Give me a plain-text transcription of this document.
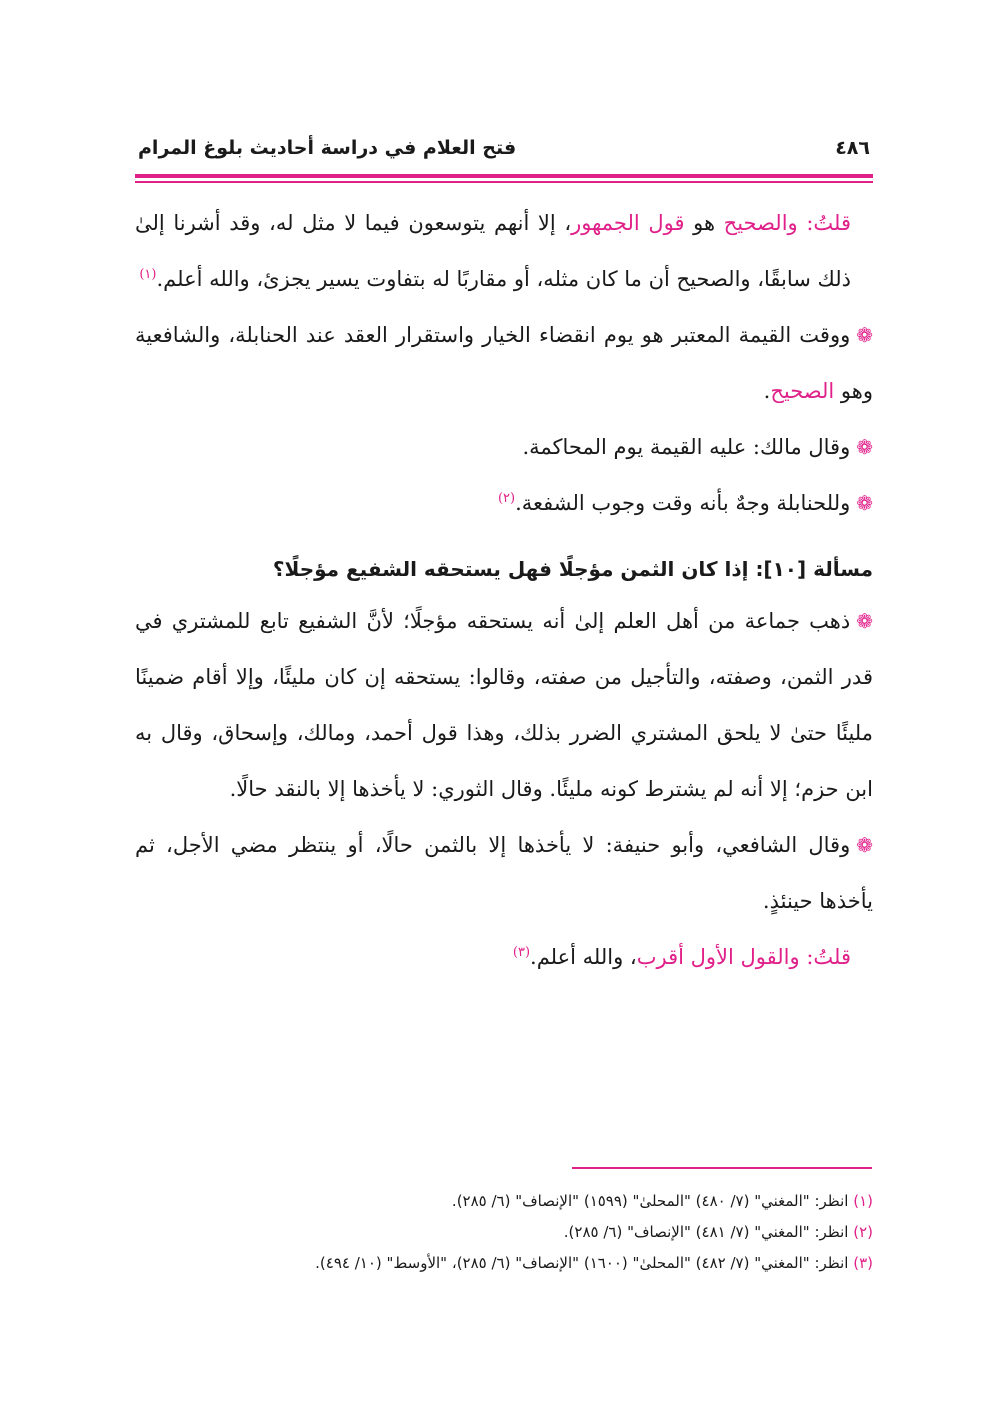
٤٨٦
فتح العلام في دراسة أحاديث بلوغ المرام

قلتُ: والصحيح هو قول الجمهور، إلا أنهم يتوسعون فيما لا مثل له، وقد أشرنا إلىٰ ذلك سابقًا، والصحيح أن ما كان مثله، أو مقاربًا له بتفاوت يسير يجزئ، والله أعلم.$^{(١)}$

❁ووقت القيمة المعتبر هو يوم انقضاء الخيار واستقرار العقد عند الحنابلة، والشافعية وهو الصحيح.

❁وقال مالك: عليه القيمة يوم المحاكمة.

❁وللحنابلة وجهٌ بأنه وقت وجوب الشفعة.$^{(٢)}$

مسألة [١٠]: إذا كان الثمن مؤجلًا فهل يستحقه الشفيع مؤجلًا؟

❁ذهب جماعة من أهل العلم إلىٰ أنه يستحقه مؤجلًا؛ لأنَّ الشفيع تابع للمشتري في قدر الثمن، وصفته، والتأجيل من صفته، وقالوا: يستحقه إن كان مليئًا، وإلا أقام ضمينًا مليئًا حتىٰ لا يلحق المشتري الضرر بذلك، وهذا قول أحمد، ومالك، وإسحاق، وقال به ابن حزم؛ إلا أنه لم يشترط كونه مليئًا. وقال الثوري: لا يأخذها إلا بالنقد حالًا.

❁وقال الشافعي، وأبو حنيفة: لا يأخذها إلا بالثمن حالًا، أو ينتظر مضي الأجل، ثم يأخذها حينئذٍ.

قلتُ: والقول الأول أقرب، والله أعلم.$^{(٣)}$

(١) انظر: "المغني" (٧/ ٤٨٠) "المحلىٰ" (١٥٩٩) "الإنصاف" (٦/ ٢٨٥).

(٢) انظر: "المغني" (٧/ ٤٨١) "الإنصاف" (٦/ ٢٨٥).

(٣) انظر: "المغني" (٧/ ٤٨٢) "المحلىٰ" (١٦٠٠) "الإنصاف" (٦/ ٢٨٥)، "الأوسط" (١٠/ ٤٩٤).
